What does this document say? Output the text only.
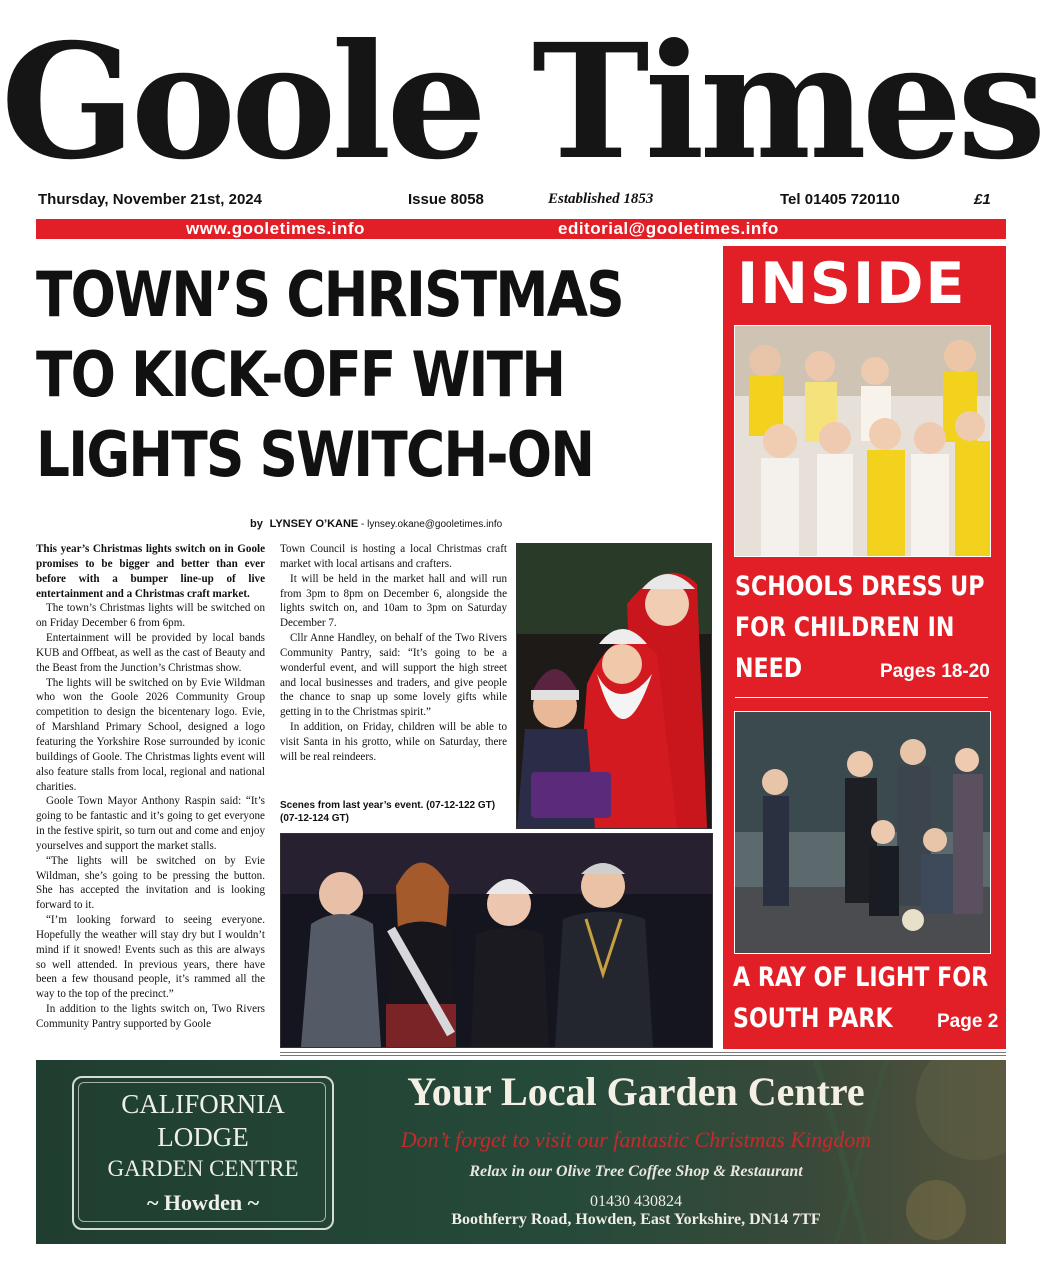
Goole Times
Thursday, November 21st, 2024	Issue 8058	Established 1853	Tel 01405 720110	£1
www.gooletimes.info	editorial@gooletimes.info
TOWN’S CHRISTMAS
TO KICK-OFF WITH
LIGHTS SWITCH-ON
by LYNSEY O’KANE - lynsey.okane@gooletimes.info

This year’s Christmas lights switch on in Goole promises to be bigger and better than ever before with a bumper line-up of live entertainment and a Christmas craft market.

The town’s Christmas lights will be switched on on Friday December 6 from 6pm.

Entertainment will be provided by local bands KUB and Offbeat, as well as the cast of Beauty and the Beast from the Junction’s Christmas show.

The lights will be switched on by Evie Wildman who won the Goole 2026 Community Group competition to design the bicentenary logo. Evie, of Marshland Primary School, designed a logo featuring the Yorkshire Rose surrounded by iconic buildings of Goole. The Christmas lights event will also feature stalls from local, regional and national charities.

Goole Town Mayor Anthony Raspin said: “It’s going to be fantastic and it’s going to get everyone in the festive spirit, so turn out and come and enjoy yourselves and support the market stalls.

“The lights will be switched on by Evie Wildman, she’s going to be pressing the button. She has accepted the invitation and is looking forward to it.

“I’m looking forward to seeing everyone. Hopefully the weather will stay dry but I wouldn’t mind if it snowed! Events such as this are always so well attended. In previous years, there have been a few thousand people, it’s rammed all the way to the top of the precinct.”

In addition to the lights switch on, Two Rivers Community Pantry supported by Goole

Town Council is hosting a local Christmas craft market with local artisans and crafters.

It will be held in the market hall and will run from 3pm to 8pm on December 6, alongside the lights switch on, and 10am to 3pm on Saturday December 7.

Cllr Anne Handley, on behalf of the Two Rivers Community Pantry, said: “It’s going to be a wonderful event, and will support the high street and local businesses and traders, and give people the chance to snap up some lovely gifts while getting in to the Christmas spirit.”

In addition, on Friday, children will be able to visit Santa in his grotto, while on Saturday, there will be real reindeers.

Scenes from last year’s event. (07-12-122 GT) (07-12-124 GT)
INSIDE
SCHOOLS DRESS UP
FOR CHILDREN IN
NEED	Pages 18-20
A RAY OF LIGHT FOR
SOUTH PARK	Page 2
CALIFORNIA
LODGE
GARDEN CENTRE
~ Howden ~
Your Local Garden Centre
Don’t forget to visit our fantastic Christmas Kingdom
Relax in our Olive Tree Coffee Shop & Restaurant
01430 430824
Boothferry Road, Howden, East Yorkshire, DN14 7TF
